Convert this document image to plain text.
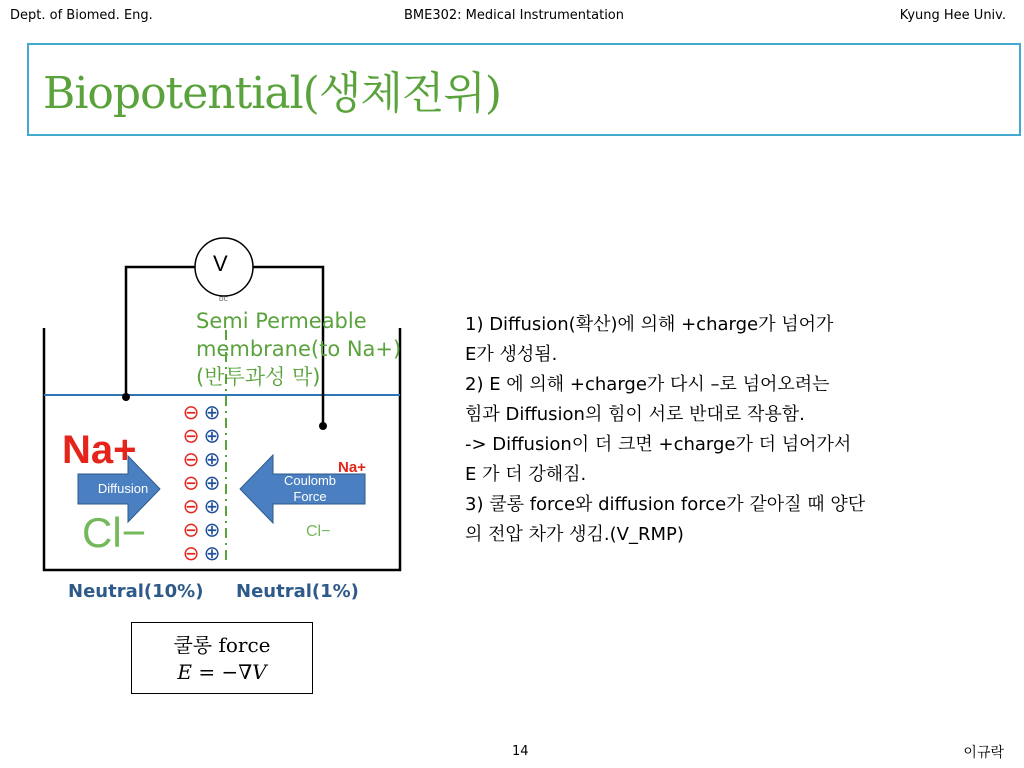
Dept. of Biomed. Eng.	BME302: Medical Instrumentation	Kyung Hee Univ.
Biopotential(생체전위)
⊖ ⊕
⊖ ⊕
⊖ ⊕
⊖ ⊕
⊖ ⊕
⊖ ⊕
⊖ ⊕
V
DC
Semi Permeable
membrane(to Na+)
(반투과성 막)
Na+
Cl−
Na+
Cl−
Diffusion
Coulomb
Force
Neutral(10%) Neutral(1%)
쿨롱 force
E = −∇V
1) Diffusion(확산)에 의해 +charge가 넘어가
E가 생성됨.
2) E 에 의해 +charge가 다시 –로 넘어오려는
힘과 Diffusion의 힘이 서로 반대로 작용함.
-> Diffusion이 더 크면 +charge가 더 넘어가서
E 가 더 강해짐.
3) 쿨롱 force와 diffusion force가 같아질 때 양단
의 전압 차가 생김.(V_RMP)
14	이규락
